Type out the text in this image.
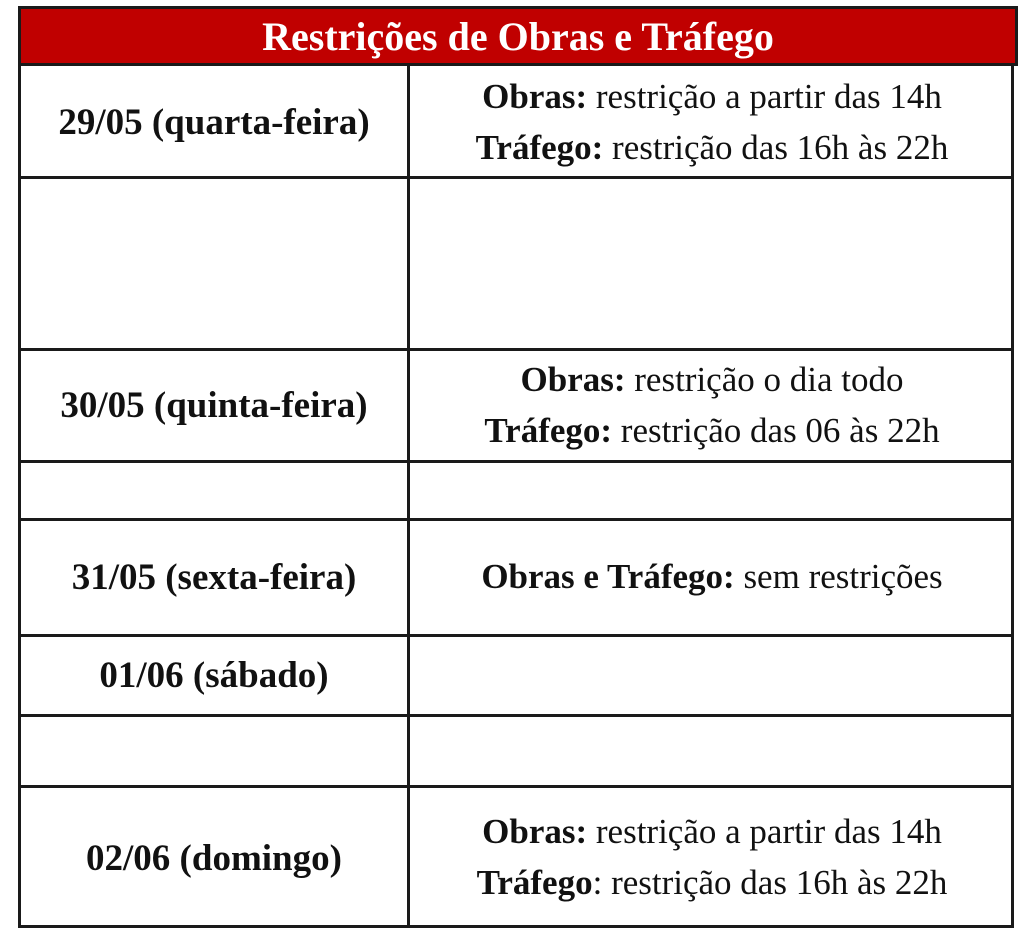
Restrições de Obras e Tráfego
29/05 (quarta-feira)
Obras: restrição a partir das 14h
Tráfego: restrição das 16h às 22h
30/05 (quinta-feira)
Obras: restrição o dia todo
Tráfego: restrição das 06 às 22h
31/05 (sexta-feira)	Obras e Tráfego: sem restrições
01/06 (sábado)
02/06 (domingo)
Obras: restrição a partir das 14h
Tráfego: restrição das 16h às 22h
